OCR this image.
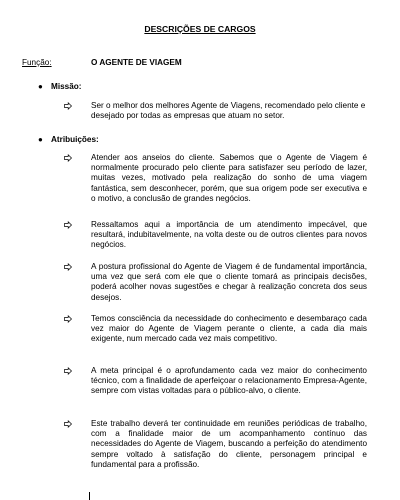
DESCRIÇÕES DE CARGOS
Função:	O AGENTE DE VIAGEM
● Missão:
Ser o melhor dos melhores Agente de Viagens, recomendado pelo cliente e desejado por todas as empresas que atuam no setor.
● Atribuições:
Atender aos anseios do cliente. Sabemos que o Agente de Viagem é normalmente procurado pelo cliente para satisfazer seu período de lazer, muitas vezes, motivado pela realização do sonho de uma viagem fantástica, sem desconhecer, porém, que sua origem pode ser executiva e o motivo, a conclusão de grandes negócios.
Ressaltamos aqui a importância de um atendimento impecável, que resultará, indubitavelmente, na volta deste ou de outros clientes para novos negócios.
A postura profissional do Agente de Viagem é de fundamental importância, uma vez que será com ele que o cliente tomará as principais decisões, poderá acolher novas sugestões e chegar à realização concreta dos seus desejos.
Temos consciência da necessidade do conhecimento e desembaraço cada vez maior do Agente de Viagem perante o cliente, a cada dia mais exigente, num mercado cada vez mais competitivo.
A meta principal é o aprofundamento cada vez maior do conhecimento técnico, com a finalidade de aperfeiçoar o relacionamento Empresa-Agente, sempre com vistas voltadas para o público-alvo, o cliente.
Este trabalho deverá ter continuidade em reuniões periódicas de trabalho, com a finalidade maior de um acompanhamento contínuo das necessidades do Agente de Viagem, buscando a perfeição do atendimento sempre voltado à satisfação do cliente, personagem principal e fundamental para a profissão.
